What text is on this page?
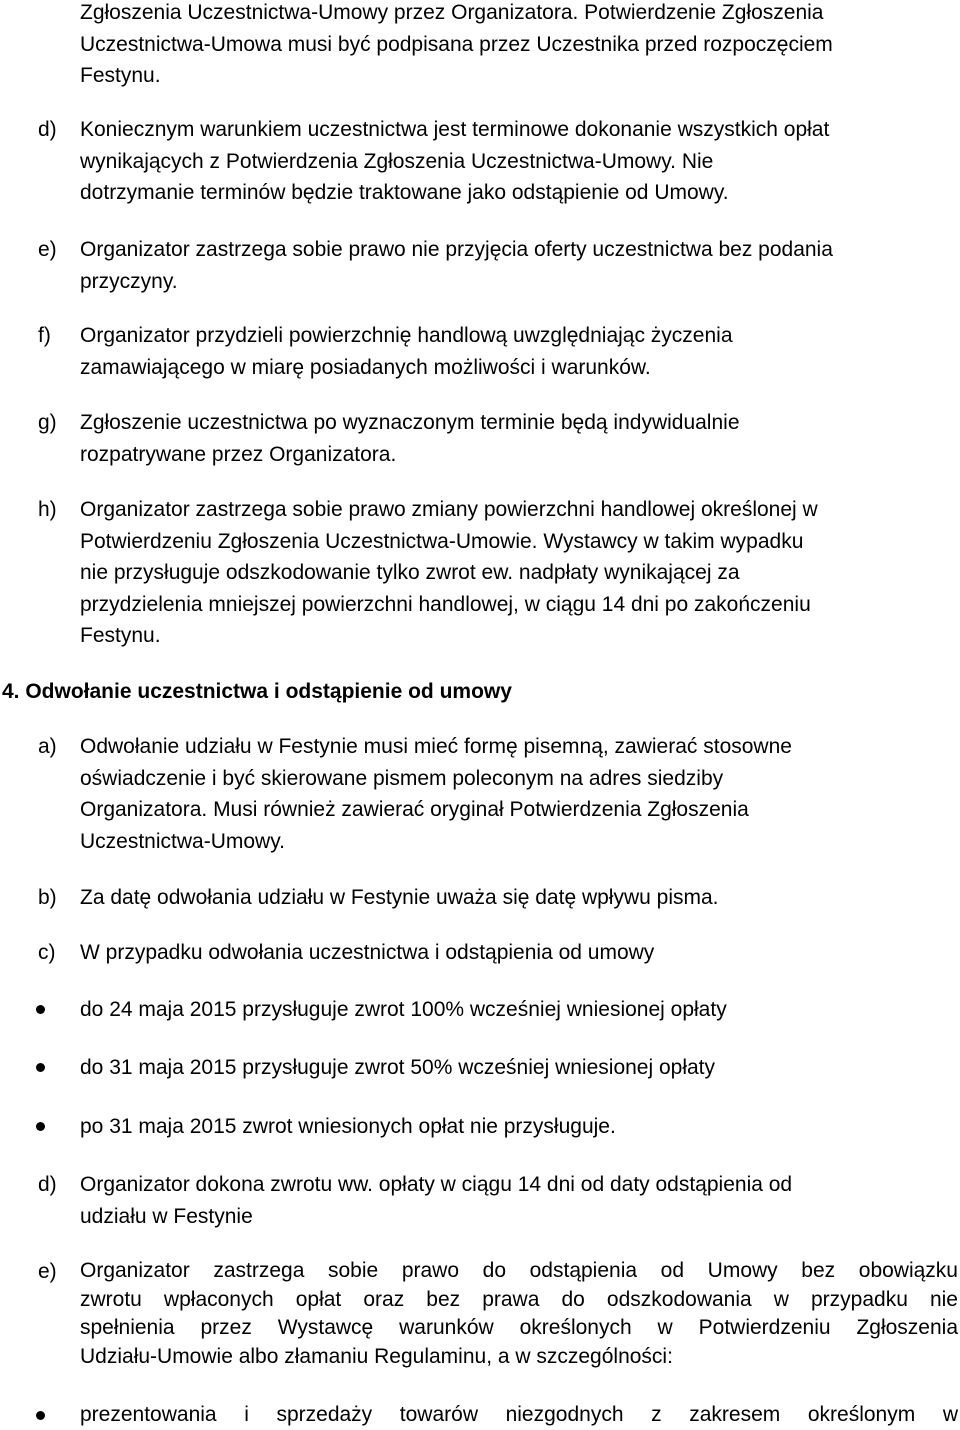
Zgłoszenia Uczestnictwa-Umowy przez Organizatora. Potwierdzenie Zgłoszenia
Uczestnictwa-Umowa musi być podpisana przez Uczestnika przed rozpoczęciem
Festynu.
d) Koniecznym warunkiem uczestnictwa jest terminowe dokonanie wszystkich opłat
wynikających z Potwierdzenia Zgłoszenia Uczestnictwa-Umowy. Nie
dotrzymanie terminów będzie traktowane jako odstąpienie od Umowy.
e) Organizator zastrzega sobie prawo nie przyjęcia oferty uczestnictwa bez podania
przyczyny.
f) Organizator przydzieli powierzchnię handlową uwzględniając życzenia
zamawiającego w miarę posiadanych możliwości i warunków.
g) Zgłoszenie uczestnictwa po wyznaczonym terminie będą indywidualnie
rozpatrywane przez Organizatora.
h) Organizator zastrzega sobie prawo zmiany powierzchni handlowej określonej w
Potwierdzeniu Zgłoszenia Uczestnictwa-Umowie. Wystawcy w takim wypadku
nie przysługuje odszkodowanie tylko zwrot ew. nadpłaty wynikającej za
przydzielenia mniejszej powierzchni handlowej, w ciągu 14 dni po zakończeniu
Festynu.
4. Odwołanie uczestnictwa i odstąpienie od umowy
a) Odwołanie udziału w Festynie musi mieć formę pisemną, zawierać stosowne
oświadczenie i być skierowane pismem poleconym na adres siedziby
Organizatora. Musi również zawierać oryginał Potwierdzenia Zgłoszenia
Uczestnictwa-Umowy.
b) Za datę odwołania udziału w Festynie uważa się datę wpływu pisma.
c) W przypadku odwołania uczestnictwa i odstąpienia od umowy
do 24 maja 2015 przysługuje zwrot 100% wcześniej wniesionej opłaty
do 31 maja 2015 przysługuje zwrot 50% wcześniej wniesionej opłaty
po 31 maja 2015 zwrot wniesionych opłat nie przysługuje.
d) Organizator dokona zwrotu ww. opłaty w ciągu 14 dni od daty odstąpienia od
udziału w Festynie
e) Organizator zastrzega sobie prawo do odstąpienia od Umowy bez obowiązku
zwrotu wpłaconych opłat oraz bez prawa do odszkodowania w przypadku nie
spełnienia przez Wystawcę warunków określonych w Potwierdzeniu Zgłoszenia
Udziału-Umowie albo złamaniu Regulaminu, a w szczególności:
prezentowania i sprzedaży towarów niezgodnych z zakresem określonym w
